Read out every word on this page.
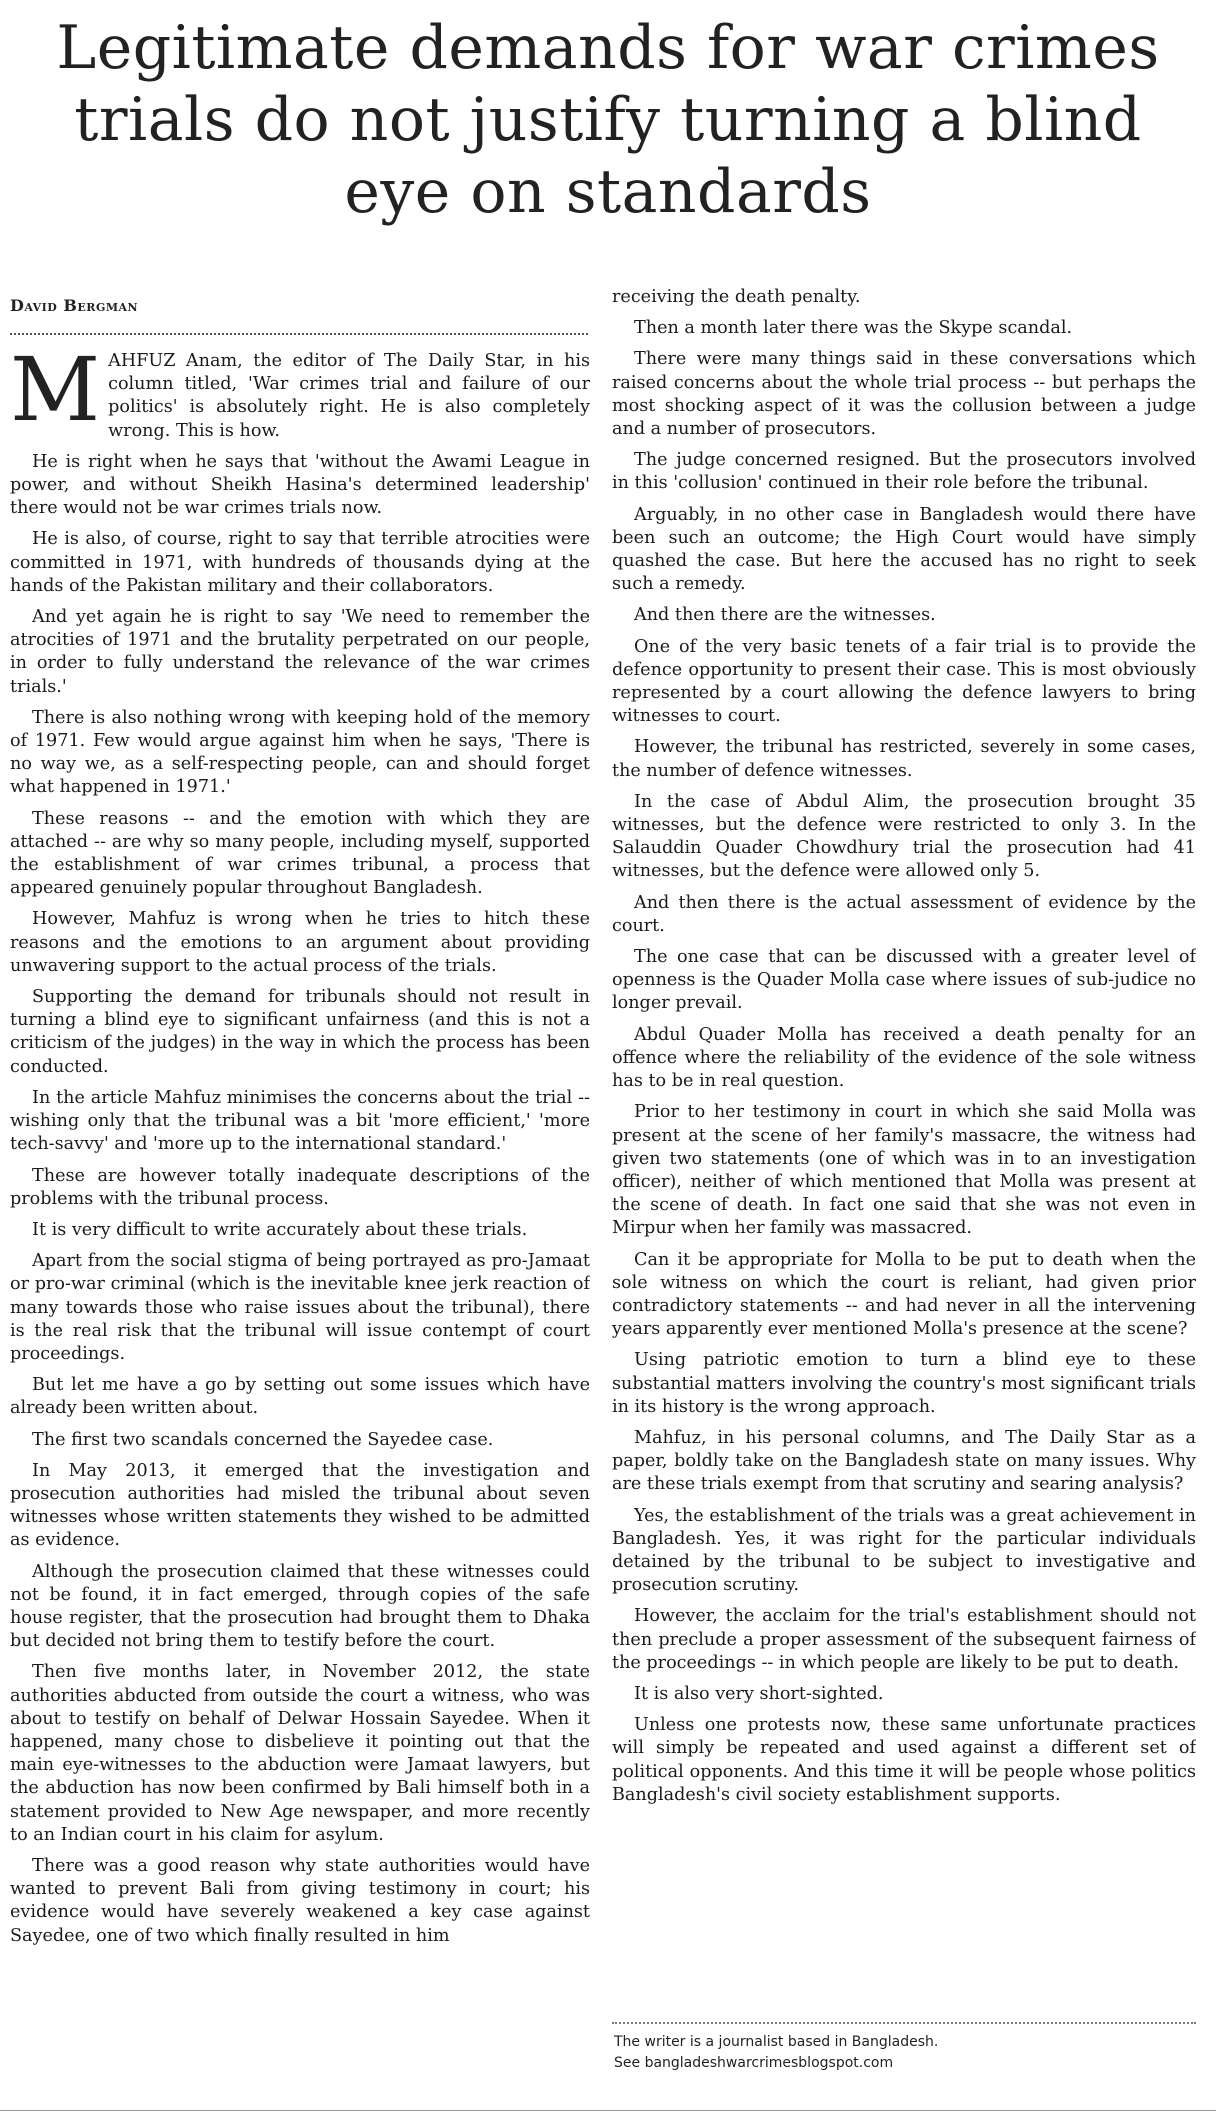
Legitimate demands for war crimes trials do not justify turning a blind eye on standards
David Bergman

MAHFUZ Anam, the editor of The Daily Star, in his column titled, 'War crimes trial and failure of our politics' is absolutely right. He is also completely wrong. This is how.

He is right when he says that 'without the Awami League in power, and without Sheikh Hasina's determined leadership' there would not be war crimes trials now.

He is also, of course, right to say that terrible atrocities were committed in 1971, with hundreds of thousands dying at the hands of the Pakistan military and their collaborators.

And yet again he is right to say 'We need to remember the atrocities of 1971 and the brutality perpetrated on our people, in order to fully understand the relevance of the war crimes trials.'

There is also nothing wrong with keeping hold of the memory of 1971. Few would argue against him when he says, 'There is no way we, as a self-respecting people, can and should forget what happened in 1971.'

These reasons -- and the emotion with which they are attached -- are why so many people, including myself, supported the establishment of war crimes tribunal, a process that appeared genuinely popular throughout Bangladesh.

However, Mahfuz is wrong when he tries to hitch these reasons and the emotions to an argument about providing unwavering support to the actual process of the trials.

Supporting the demand for tribunals should not result in turning a blind eye to significant unfairness (and this is not a criticism of the judges) in the way in which the process has been conducted.

In the article Mahfuz minimises the concerns about the trial -- wishing only that the tribunal was a bit 'more efficient,' 'more tech-savvy' and 'more up to the international standard.'

These are however totally inadequate descriptions of the problems with the tribunal process.

It is very difficult to write accurately about these trials.

Apart from the social stigma of being portrayed as pro-Jamaat or pro-war criminal (which is the inevitable knee jerk reaction of many towards those who raise issues about the tribunal), there is the real risk that the tribunal will issue contempt of court proceedings.

But let me have a go by setting out some issues which have already been written about.

The first two scandals concerned the Sayedee case.

In May 2013, it emerged that the investigation and prosecution authorities had misled the tribunal about seven witnesses whose written statements they wished to be admitted as evidence.

Although the prosecution claimed that these witnesses could not be found, it in fact emerged, through copies of the safe house register, that the prosecution had brought them to Dhaka but decided not bring them to testify before the court.

Then five months later, in November 2012, the state authorities abducted from outside the court a witness, who was about to testify on behalf of Delwar Hossain Sayedee. When it happened, many chose to disbelieve it pointing out that the main eye-witnesses to the abduction were Jamaat lawyers, but the abduction has now been confirmed by Bali himself both in a statement provided to New Age newspaper, and more recently to an Indian court in his claim for asylum.

There was a good reason why state authorities would have wanted to prevent Bali from giving testimony in court; his evidence would have severely weakened a key case against Sayedee, one of two which finally resulted in him

receiving the death penalty.

Then a month later there was the Skype scandal.

There were many things said in these conversations which raised concerns about the whole trial process -- but perhaps the most shocking aspect of it was the collusion between a judge and a number of prosecutors.

The judge concerned resigned. But the prosecutors involved in this 'collusion' continued in their role before the tribunal.

Arguably, in no other case in Bangladesh would there have been such an outcome; the High Court would have simply quashed the case. But here the accused has no right to seek such a remedy.

And then there are the witnesses.

One of the very basic tenets of a fair trial is to provide the defence opportunity to present their case. This is most obviously represented by a court allowing the defence lawyers to bring witnesses to court.

However, the tribunal has restricted, severely in some cases, the number of defence witnesses.

In the case of Abdul Alim, the prosecution brought 35 witnesses, but the defence were restricted to only 3. In the Salauddin Quader Chowdhury trial the prosecution had 41 witnesses, but the defence were allowed only 5.

And then there is the actual assessment of evidence by the court.

The one case that can be discussed with a greater level of openness is the Quader Molla case where issues of sub-judice no longer prevail.

Abdul Quader Molla has received a death penalty for an offence where the reliability of the evidence of the sole witness has to be in real question.

Prior to her testimony in court in which she said Molla was present at the scene of her family's massacre, the witness had given two statements (one of which was in to an investigation officer), neither of which mentioned that Molla was present at the scene of death. In fact one said that she was not even in Mirpur when her family was massacred.

Can it be appropriate for Molla to be put to death when the sole witness on which the court is reliant, had given prior contradictory statements -- and had never in all the intervening years apparently ever mentioned Molla's presence at the scene?

Using patriotic emotion to turn a blind eye to these substantial matters involving the country's most significant trials in its history is the wrong approach.

Mahfuz, in his personal columns, and The Daily Star as a paper, boldly take on the Bangladesh state on many issues. Why are these trials exempt from that scrutiny and searing analysis?

Yes, the establishment of the trials was a great achievement in Bangladesh. Yes, it was right for the particular individuals detained by the tribunal to be subject to investigative and prosecution scrutiny.

However, the acclaim for the trial's establishment should not then preclude a proper assessment of the subsequent fairness of the proceedings -- in which people are likely to be put to death.

It is also very short-sighted.

Unless one protests now, these same unfortunate practices will simply be repeated and used against a different set of political opponents. And this time it will be people whose politics Bangladesh's civil society establishment supports.

The writer is a journalist based in Bangladesh.
See bangladeshwarcrimesblogspot.com
